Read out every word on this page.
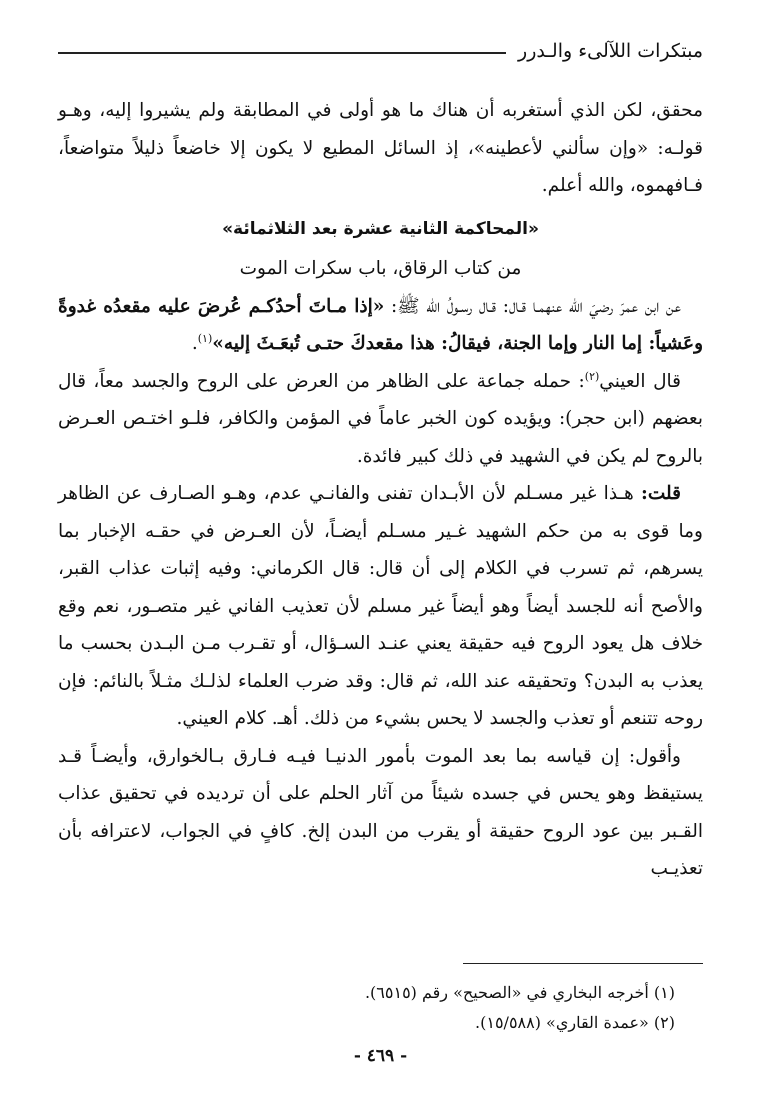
مبتكرات اللآلىء والـدرر

محقق، لكن الذي أستغربه أن هناك ما هو أولى في المطابقة ولم يشيروا إليه، وهـو قولـه: «وإن سألني لأعطينه»، إذ السائل المطيع لا يكون إلا خاضعاً ذليلاً متواضعاً، فـافهموه، والله أعلم.

«المحاكمة الثانية عشرة بعد الثلاثمائة»

من كتاب الرقاق، باب سكرات الموت

عن ابن عمرَ رضيَ الله عنهمـا قـال: قـال رسـولُ الله ﷺ: «إذا مـاتَ أحدُكـم عُرضَ عليه مقعدُه غدوةً وعَشياً: إما النار وإما الجنة، فيقالُ: هذا مقعدكَ حتـى تُبعَـثَ إليه»$^{(١)}$.

قال العيني$^{(٢)}$: حمله جماعة على الظاهر من العرض على الروح والجسد معاً، قال بعضهم (ابن حجر): ويؤيده كون الخبر عاماً في المؤمن والكافر، فلـو اختـص العـرض بالروح لم يكن في الشهيد في ذلك كبير فائدة.

قلت: هـذا غير مسـلم لأن الأبـدان تفنى والفانـي عدم، وهـو الصـارف عن الظاهر وما قوى به من حكم الشهيد غـير مسـلم أيضـاً، لأن العـرض في حقـه الإخبار بما يسرهم، ثم تسرب في الكلام إلى أن قال: قال الكرماني: وفيه إثبات عذاب القبر، والأصح أنه للجسد أيضاً وهو أيضاً غير مسلم لأن تعذيب الفاني غير متصـور، نعم وقع خلاف هل يعود الروح فيه حقيقة يعني عنـد السـؤال، أو تقـرب مـن البـدن بحسب ما يعذب به البدن؟ وتحقيقه عند الله، ثم قال: وقد ضرب العلماء لذلـك مثـلاً بالنائم: فإن روحه تتنعم أو تعذب والجسد لا يحس بشيء من ذلك. أهـ. كلام العيني.

وأقول: إن قياسه بما بعد الموت بأمور الدنيـا فيـه فـارق بـالخوارق، وأيضـاً قـد يستيقظ وهو يحس في جسده شيئاً من آثار الحلم على أن ترديده في تحقيق عذاب القـبر بين عود الروح حقيقة أو يقرب من البدن إلخ. كافٍ في الجواب، لاعترافه بأن تعذيـب

(١) أخرجه البخاري في «الصحيح» رقم (٦٥١٥).

(٢) «عمدة القاري» (١٥/٥٨٨).

- ٤٦٩ -
